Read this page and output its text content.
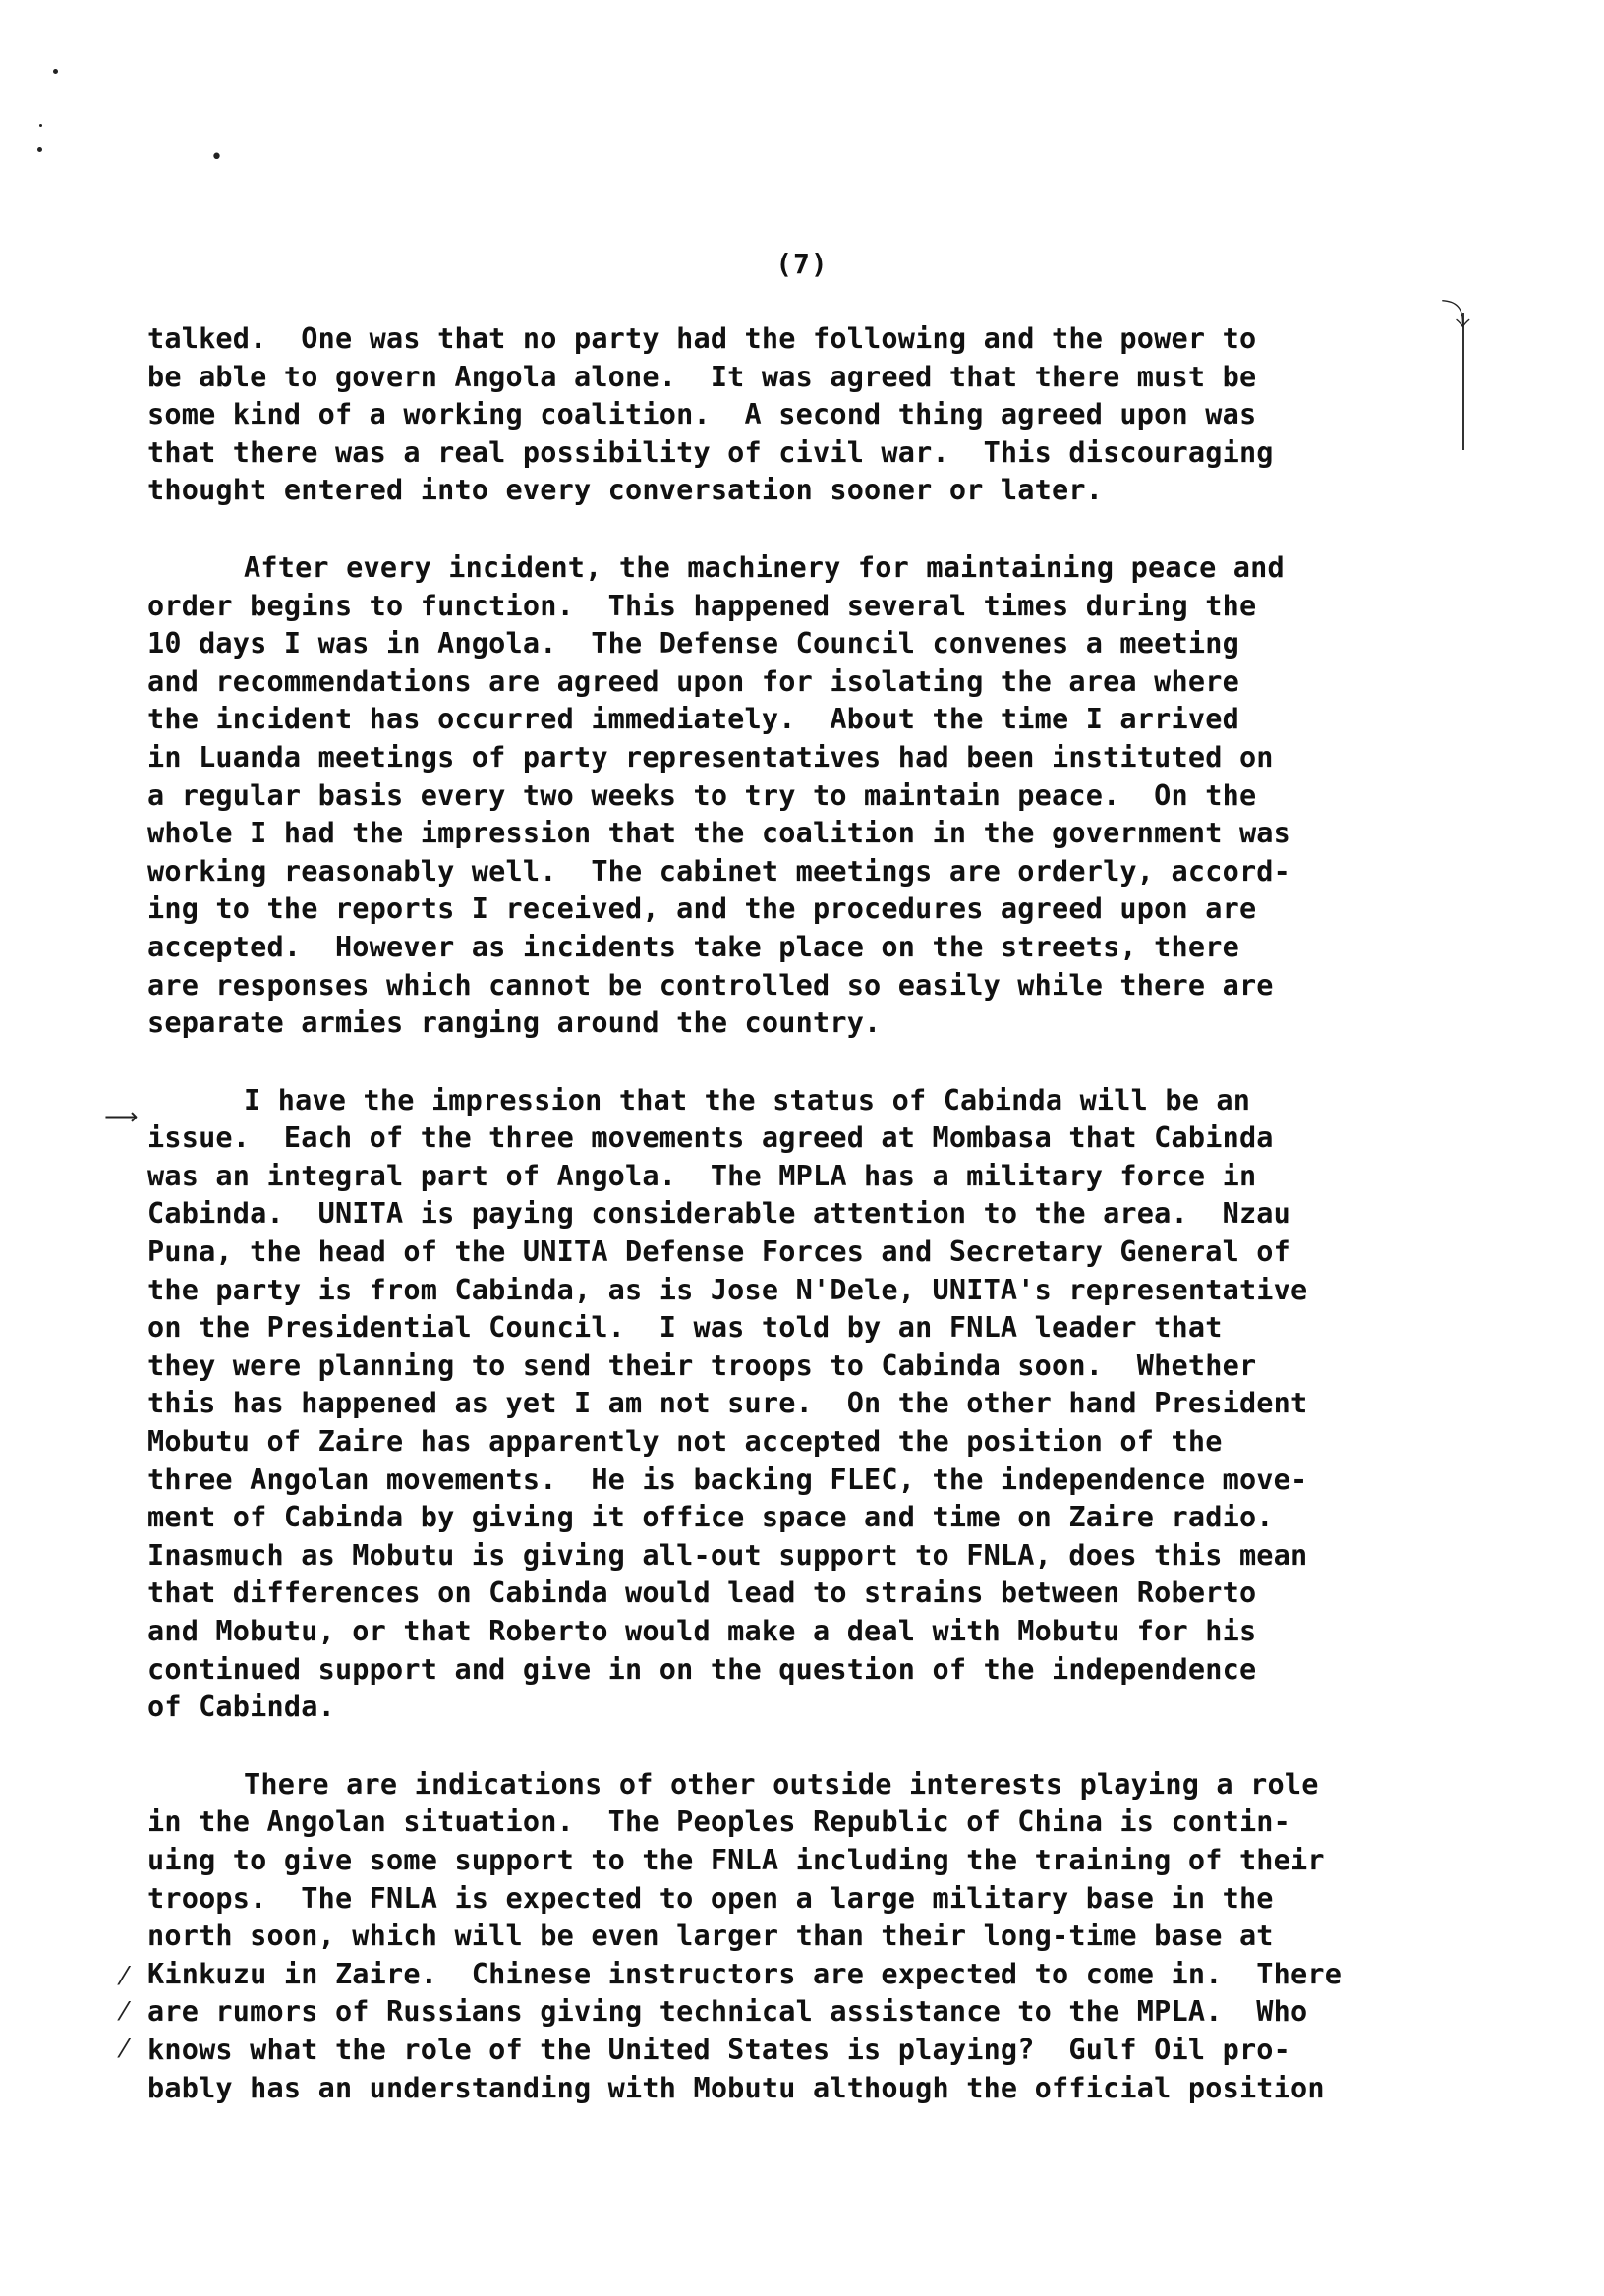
•
⤵
⟶
⁄
⁄
⁄
(7)
talked.  One was that no party had the following and the power to
be able to govern Angola alone.  It was agreed that there must be
some kind of a working coalition.  A second thing agreed upon was
that there was a real possibility of civil war.  This discouraging
thought entered into every conversation sooner or later.
After every incident, the machinery for maintaining peace and
order begins to function.  This happened several times during the
10 days I was in Angola.  The Defense Council convenes a meeting
and recommendations are agreed upon for isolating the area where
the incident has occurred immediately.  About the time I arrived
in Luanda meetings of party representatives had been instituted on
a regular basis every two weeks to try to maintain peace.  On the
whole I had the impression that the coalition in the government was
working reasonably well.  The cabinet meetings are orderly, accord-
ing to the reports I received, and the procedures agreed upon are
accepted.  However as incidents take place on the streets, there
are responses which cannot be controlled so easily while there are
separate armies ranging around the country.
I have the impression that the status of Cabinda will be an
issue.  Each of the three movements agreed at Mombasa that Cabinda
was an integral part of Angola.  The MPLA has a military force in
Cabinda.  UNITA is paying considerable attention to the area.  Nzau
Puna, the head of the UNITA Defense Forces and Secretary General of
the party is from Cabinda, as is Jose N'Dele, UNITA's representative
on the Presidential Council.  I was told by an FNLA leader that
they were planning to send their troops to Cabinda soon.  Whether
this has happened as yet I am not sure.  On the other hand President
Mobutu of Zaire has apparently not accepted the position of the
three Angolan movements.  He is backing FLEC, the independence move-
ment of Cabinda by giving it office space and time on Zaire radio.
Inasmuch as Mobutu is giving all-out support to FNLA, does this mean
that differences on Cabinda would lead to strains between Roberto
and Mobutu, or that Roberto would make a deal with Mobutu for his
continued support and give in on the question of the independence
of Cabinda.
There are indications of other outside interests playing a role
in the Angolan situation.  The Peoples Republic of China is contin-
uing to give some support to the FNLA including the training of their
troops.  The FNLA is expected to open a large military base in the
north soon, which will be even larger than their long-time base at
Kinkuzu in Zaire.  Chinese instructors are expected to come in.  There
are rumors of Russians giving technical assistance to the MPLA.  Who
knows what the role of the United States is playing?  Gulf Oil pro-
bably has an understanding with Mobutu although the official position
